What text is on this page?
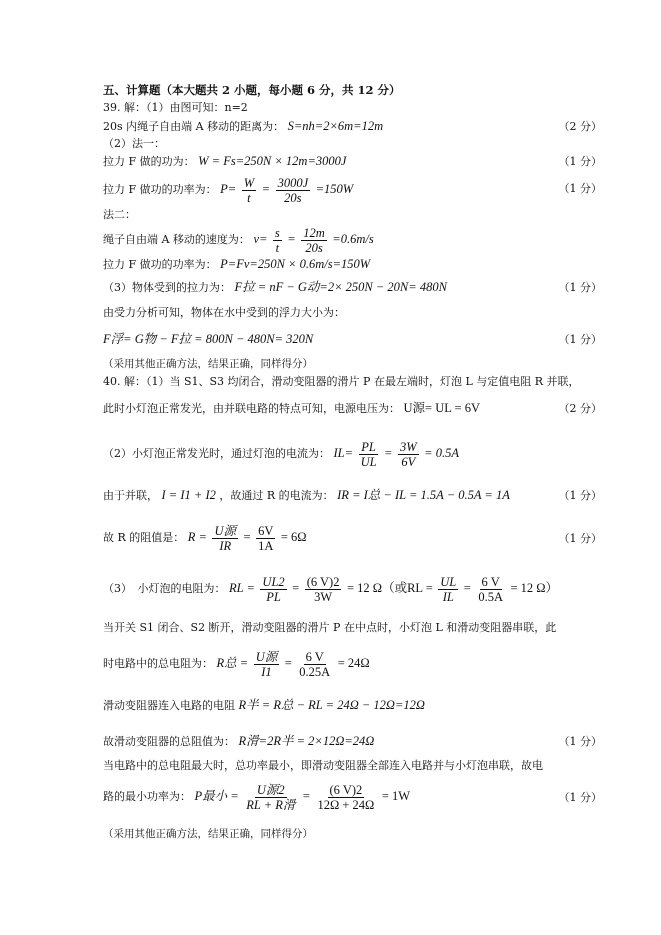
五、计算题（本大题共 2 小题，每小题 6 分，共 12 分）
39. 解：（1）由图可知：n=2
20s 内绳子自由端 A 移动的距离为： S=nh=2×6m=12m	（2 分）
（2）法一：
拉力 F 做的功为： W = Fs=250N × 12m=3000J	（1 分）
拉力 F 做功的功率为： $P= \frac{W}{t} = \frac{3000J}{20s} =150W$	（1 分）
法二：
绳子自由端 A 移动的速度为： $v= \frac{s}{t} = \frac{12m}{20s} =0.6m/s$
拉力 F 做功的功率为： P=Fv=250N × 0.6m/s=150W
（3）物体受到的拉力为： F拉 = nF − G动=2× 250N − 20N= 480N	（1 分）
由受力分析可知，物体在水中受到的浮力大小为：
F浮= G物 − F拉 = 800N − 480N= 320N	（1 分）
（采用其他正确方法，结果正确，同样得分）
40. 解：（1）当 S1、S3 均闭合，滑动变阻器的滑片 P 在最左端时，灯泡 L 与定值电阻 R 并联，
此时小灯泡正常发光，由并联电路的特点可知，电源电压为： U源= UL = 6V	（2 分）
（2）小灯泡正常发光时，通过灯泡的电流为： $IL= \frac{PL}{UL} = \frac{3W}{6V} = 0.5A$
由于并联， I = I1 + I2 ，故通过 R 的电流为： IR = I总 − IL = 1.5A − 0.5A = 1A	（1 分）
故 R 的阻值是： $R = \frac{\text{U源}}{IR} = \frac{6V}{1A} = 6\Omega$	（1 分）
（3）　小灯泡的电阻为： RL = $\frac{UL2}{PL} = \frac{(6 V)2}{3W} = 12$ Ω（或RL = $\frac{UL}{IL} = \frac{6 V}{0.5A} = 12$ Ω）
当开关 S1 闭合、S2 断开，滑动变阻器的滑片 P 在中点时，小灯泡 L 和滑动变阻器串联，此
时电路中的总电阻为： R总 = $\frac{\text{U源}}{I1} = \frac{6 V}{0.25A} = 24\Omega$
滑动变阻器连入电路的电阻 R半 = R总 − RL = 24Ω − 12Ω=12Ω
故滑动变阻器的总阻值为： R滑=2R半 = 2×12Ω=24Ω	（1 分）
当电路中的总电阻最大时，总功率最小，即滑动变阻器全部连入电路并与小灯泡串联，故电
路的最小功率为： P最小 = $\frac{\text{U源2}}{\text{RL + R滑}} = \frac{(6 V)2}{12\Omega + 24\Omega} = 1W$	（1 分）
（采用其他正确方法，结果正确，同样得分）
